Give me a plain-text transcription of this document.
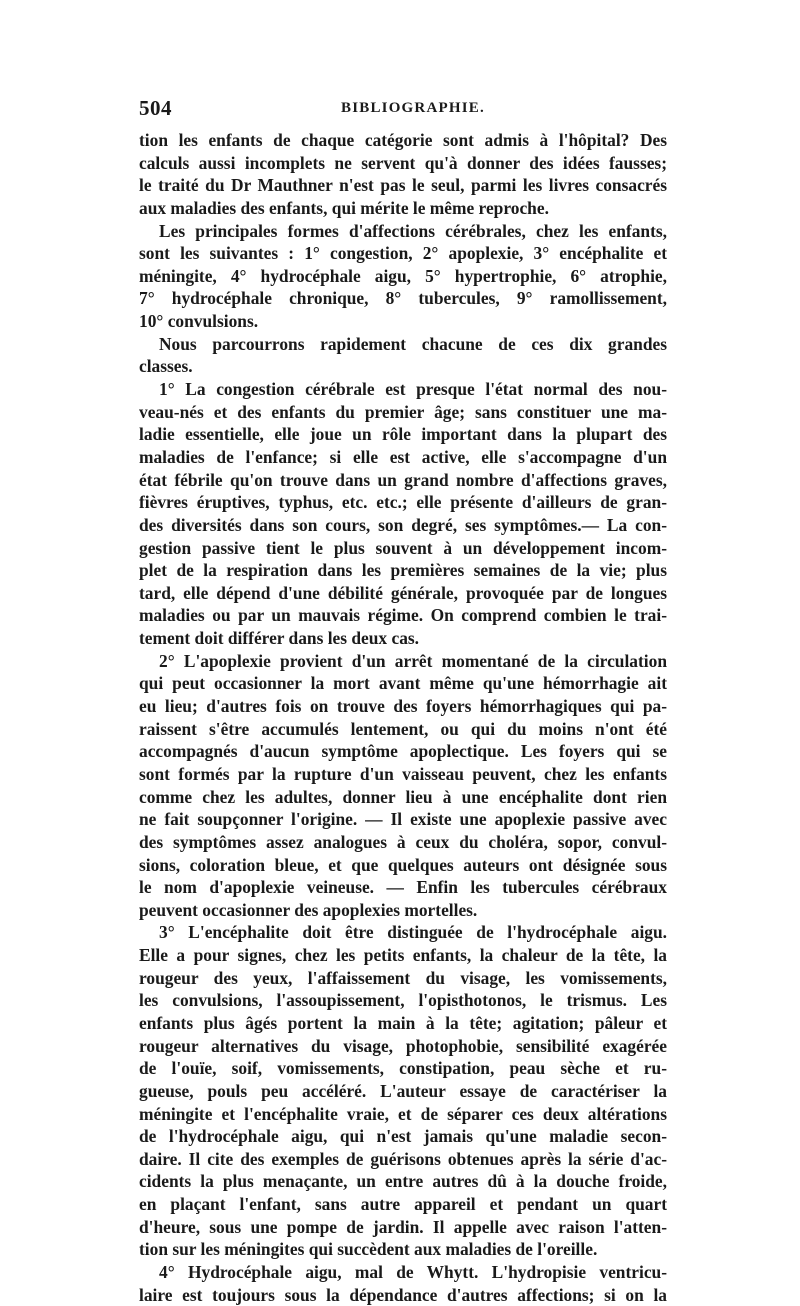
504	BIBLIOGRAPHIE.
tion les enfants de chaque catégorie sont admis à l'hôpital? Des
calculs aussi incomplets ne servent qu'à donner des idées fausses;
le traité du Dr Mauthner n'est pas le seul, parmi les livres consacrés
aux maladies des enfants, qui mérite le même reproche.
Les principales formes d'affections cérébrales, chez les enfants,
sont les suivantes : 1° congestion, 2° apoplexie, 3° encéphalite et
méningite, 4° hydrocéphale aigu, 5° hypertrophie, 6° atrophie,
7° hydrocéphale chronique, 8° tubercules, 9° ramollissement,
10° convulsions.
Nous parcourrons rapidement chacune de ces dix grandes
classes.
1° La congestion cérébrale est presque l'état normal des nou-
veau-nés et des enfants du premier âge; sans constituer une ma-
ladie essentielle, elle joue un rôle important dans la plupart des
maladies de l'enfance; si elle est active, elle s'accompagne d'un
état fébrile qu'on trouve dans un grand nombre d'affections graves,
fièvres éruptives, typhus, etc. etc.; elle présente d'ailleurs de gran-
des diversités dans son cours, son degré, ses symptômes.— La con-
gestion passive tient le plus souvent à un développement incom-
plet de la respiration dans les premières semaines de la vie; plus
tard, elle dépend d'une débilité générale, provoquée par de longues
maladies ou par un mauvais régime. On comprend combien le trai-
tement doit différer dans les deux cas.
2° L'apoplexie provient d'un arrêt momentané de la circulation
qui peut occasionner la mort avant même qu'une hémorrhagie ait
eu lieu; d'autres fois on trouve des foyers hémorrhagiques qui pa-
raissent s'être accumulés lentement, ou qui du moins n'ont été
accompagnés d'aucun symptôme apoplectique. Les foyers qui se
sont formés par la rupture d'un vaisseau peuvent, chez les enfants
comme chez les adultes, donner lieu à une encéphalite dont rien
ne fait soupçonner l'origine. — Il existe une apoplexie passive avec
des symptômes assez analogues à ceux du choléra, sopor, convul-
sions, coloration bleue, et que quelques auteurs ont désignée sous
le nom d'apoplexie veineuse. — Enfin les tubercules cérébraux
peuvent occasionner des apoplexies mortelles.
3° L'encéphalite doit être distinguée de l'hydrocéphale aigu.
Elle a pour signes, chez les petits enfants, la chaleur de la tête, la
rougeur des yeux, l'affaissement du visage, les vomissements,
les convulsions, l'assoupissement, l'opisthotonos, le trismus. Les
enfants plus âgés portent la main à la tête; agitation; pâleur et
rougeur alternatives du visage, photophobie, sensibilité exagérée
de l'ouïe, soif, vomissements, constipation, peau sèche et ru-
gueuse, pouls peu accéléré. L'auteur essaye de caractériser la
méningite et l'encéphalite vraie, et de séparer ces deux altérations
de l'hydrocéphale aigu, qui n'est jamais qu'une maladie secon-
daire. Il cite des exemples de guérisons obtenues après la série d'ac-
cidents la plus menaçante, un entre autres dû à la douche froide,
en plaçant l'enfant, sans autre appareil et pendant un quart
d'heure, sous une pompe de jardin. Il appelle avec raison l'atten-
tion sur les méningites qui succèdent aux maladies de l'oreille.
4° Hydrocéphale aigu, mal de Whytt. L'hydropisie ventricu-
laire est toujours sous la dépendance d'autres affections; si on la
